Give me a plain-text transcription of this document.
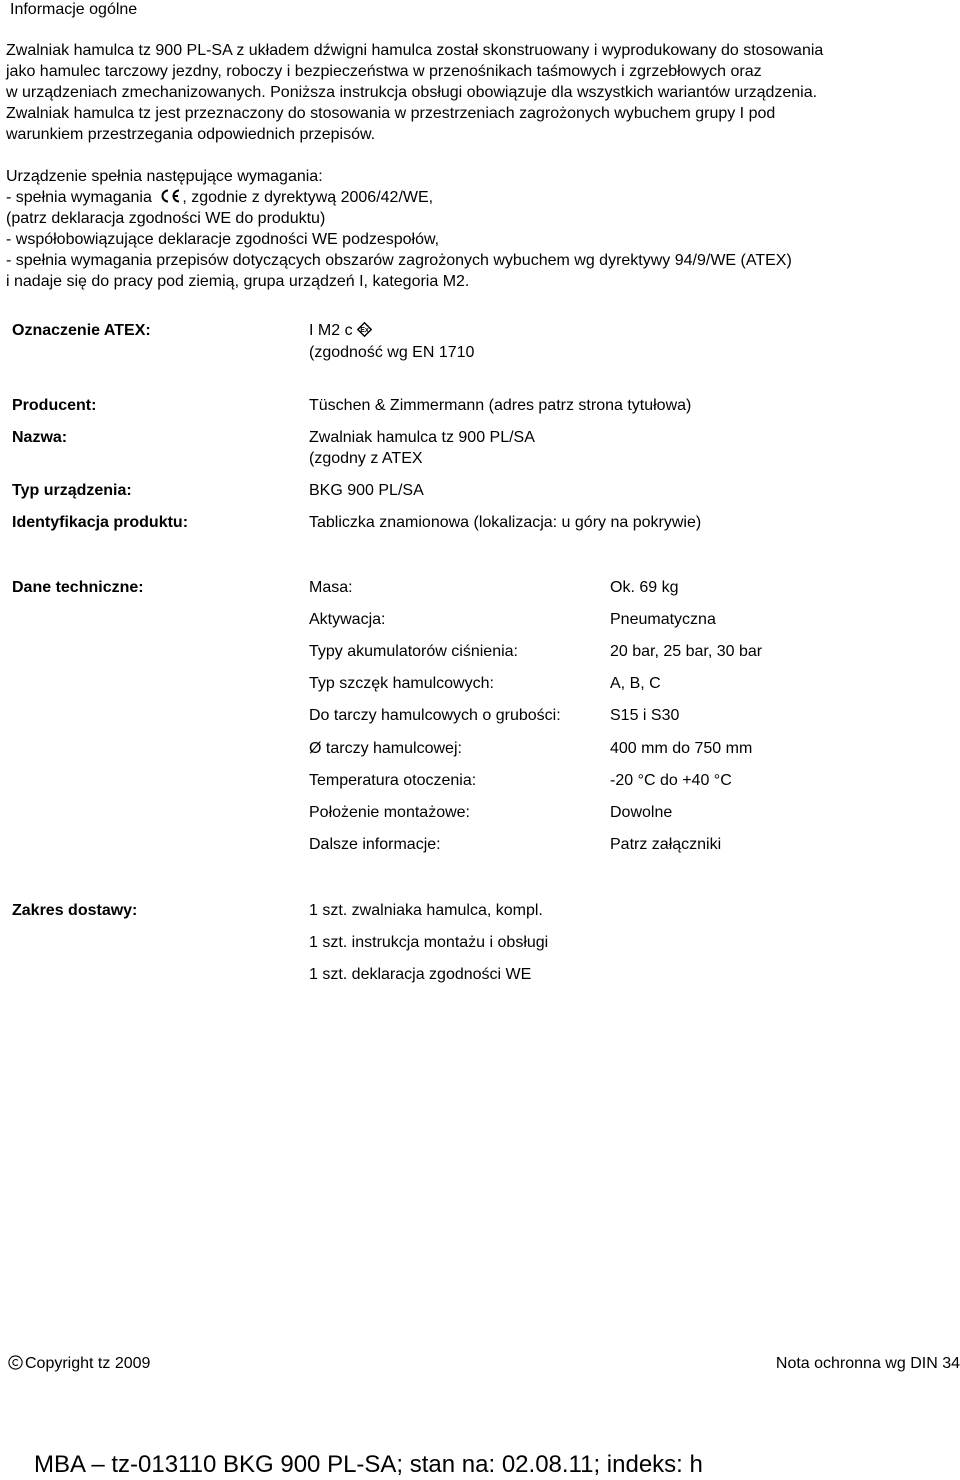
Informacje ogólne
Zwalniak hamulca tz 900 PL-SA z układem dźwigni hamulca został skonstruowany i wyprodukowany do stosowania
jako hamulec tarczowy jezdny, roboczy i bezpieczeństwa w przenośnikach taśmowych i zgrzebłowych oraz
w urządzeniach zmechanizowanych. Poniższa instrukcja obsługi obowiązuje dla wszystkich wariantów urządzenia.
Zwalniak hamulca tz jest przeznaczony do stosowania w przestrzeniach zagrożonych wybuchem grupy I pod
warunkiem przestrzegania odpowiednich przepisów.
Urządzenie spełnia następujące wymagania:
- spełnia wymagania , zgodnie z dyrektywą 2006/42/WE,
(patrz deklaracja zgodności WE do produktu)
- współobowiązujące deklaracje zgodności WE podzespołów,
- spełnia wymagania przepisów dotyczących obszarów zagrożonych wybuchem wg dyrektywy 94/9/WE (ATEX)
i nadaje się do pracy pod ziemią, grupa urządzeń I, kategoria M2.
Oznaczenie ATEX:	I M2 c Ex
(zgodność wg EN 1710
Producent:	Tüschen & Zimmermann (adres patrz strona tytułowa)
Nazwa:	Zwalniak hamulca tz 900 PL/SA
(zgodny z ATEX
Typ urządzenia:	BKG 900 PL/SA
Identyfikacja produktu:	Tabliczka znamionowa (lokalizacja: u góry na pokrywie)
Dane techniczne:	Masa:	Ok. 69 kg
Aktywacja:	Pneumatyczna
Typy akumulatorów ciśnienia:	20 bar, 25 bar, 30 bar
Typ szczęk hamulcowych:	A, B, C
Do tarczy hamulcowych o grubości:	S15 i S30
Ø tarczy hamulcowej:	400 mm do 750 mm
Temperatura otoczenia:	-20 °C do +40 °C
Położenie montażowe:	Dowolne
Dalsze informacje:	Patrz załączniki
Zakres dostawy:	1 szt. zwalniaka hamulca, kompl.
1 szt. instrukcja montażu i obsługi
1 szt. deklaracja zgodności WE
Copyright tz 2009	Nota ochronna wg DIN 34
MBA – tz-013110 BKG 900 PL-SA; stan na: 02.08.11; indeks: h
